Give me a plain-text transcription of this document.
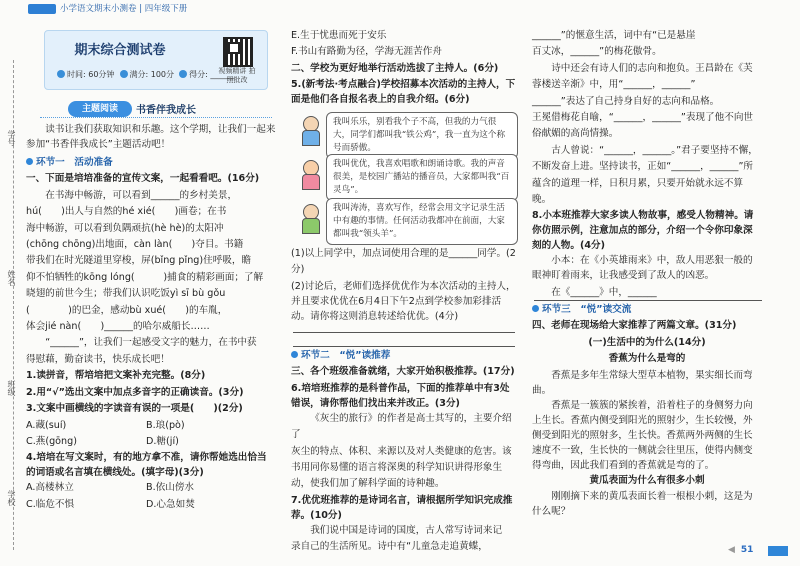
小学语文期末小测卷 | 四年级下册
学号
姓名
班级
学校
期末综合测试卷
时间: 60分钟 满分: 100分 得分: ______
视频精讲 拍照批改
主题阅读	书香伴我成长

读书让我们获取知识和乐趣。这个学期，让我们一起来参加“书香伴我成长”主题活动吧！

环节一　活动准备

一、下面是培培准备的宣传文案，一起看看吧。(16分)

在书海中畅游，可以看到______的乡村美景，

hú(　　)出人与自然的hé xié(　　)画卷；在书

海中畅游，可以看到负隅顽抗(hè hè)的太阳冲

(chōng chōng)出地面，càn làn(　　)夺目。书籍

带我们在时光隧道里穿梭，屏(bǐng pǐng)住呼吸，瞻

仰不怕牺牲的kōng lóng(　　　)捕食的精彩画面；了解

晓翅的前世今生；带我们认识吃饭yì sī bù gǒu

(　　　　)的巴金，感动bù xué(　　)的车胤，

体会jié nàn(　　)______的哈尔威船长……

“______”，让我们一起感受文字的魅力，在书中获

得慰藉，勤奋读书，快乐成长吧！

1.读拼音，帮培培把文案补充完整。(8分)

2.用“√”选出文案中加点多音字的正确读音。(3分)

3.文案中画横线的字读音有误的一项是(　　)(2分)

A.藏(suí)	B.琅(pò)

C.燕(gōng)	D.糖(jí)

4.培培在写文案时，有的地方拿不准，请你帮她选出恰当的词语或名言填在横线处。(填字母)(3分)

A.高楼林立	B.依山傍水

C.临危不惧	D.心急如焚

E.生于忧患而死于安乐

F.书山有路勤为径，学海无涯苦作舟

二、学校为更好地举行活动选拔了主持人。(6分)

5.(新考法·考点融合)学校招募本次活动的主持人，下面是他们各自报名表上的自我介绍。(6分)

我叫乐乐，别看我个子不高，但我的力气很大，同学们都叫我“铁公鸡”，我一直为这个称号而骄傲。
我叫优优，我喜欢唱歌和朗诵诗歌。我的声音很美，是校园广播站的播音员，大家都叫我“百灵鸟”。
我叫涛涛，喜欢写作，经常会用文字记录生活中有趣的事情。任何活动我都冲在前面，大家都叫我“领头羊”。

(1)以上同学中，加点词使用合理的是______同学。(2分)

(2)讨论后，老师们选择优优作为本次活动的主持人，并且要求优优在6月4日下午2点到学校参加彩排活动。请你将这则消息转述给优优。(4分)

环节二　“悦”读推荐

三、各个班级准备就绪，大家开始积极推荐。(17分)

6.培培班推荐的是科普作品，下面的推荐单中有3处错误，请你帮他们找出来并改正。(3分)

《灰尘的旅行》的作者是高士其写的，主要介绍了

灰尘的特点、体积、来源以及对人类健康的危害。该

书用同你易懂的语言将深奥的科学知识讲得形象生

动，使我们加了解科学面的诗种趣。

7.优优班推荐的是诗词名言，请根据所学知识完成推荐。(10分)

我们说中国是诗词的国度，古人常写诗词来记

录自己的生活所见。诗中有“儿童急走追黄蝶，

______”的惬意生活，词中有“已是悬崖

百丈冰，______”的梅花傲骨。

诗中还会有诗人们的志向和抱负。王昌龄在《芙

蓉楼送辛渐》中，用“______，______”

______”表达了自己持身自好的志向和品格。

王冕借梅花自喻，“______，______”表现了他不向世俗献媚的高尚情操。

古人曾说：“______，______。”君子要坚持不懈，不断发奋上进。坚持读书，正如“______，______”所蕴含的道理一样，日积月累，只要开始就永远不算晚。

8.小本班推荐大家多读人物故事，感受人物精神。请你仿照示例，注意加点的部分，介绍一个令你印象深刻的人物。(4分)

小本：在《小英雄雨来》中，敌人用恶狠一般的眼神盯着雨来，让我感受到了敌人的凶恶。

在《______》中，______

环节三　“悦”读交流

四、老师在现场给大家推荐了两篇文章。(31分)

(一)生活中的为什么(14分)

香蕉为什么是弯的

香蕉是多年生常绿大型草本植物，果实细长而弯曲。

香蕉是一簇簇的紧挨着，沿着柱子的身侧努力向上生长。香蕉内侧受到阳光的照射少，生长较慢，外侧受到阳光的照射多，生长快。香蕉两外两侧的生长速度不一致，生长快的一侧就会往里压，使得内侧变得弯曲，因此我们看到的香蕉就是弯的了。

黄瓜表面为什么有很多小刺

刚刚摘下来的黄瓜表面长着一根根小刺，这是为什么呢？

◀ 51
